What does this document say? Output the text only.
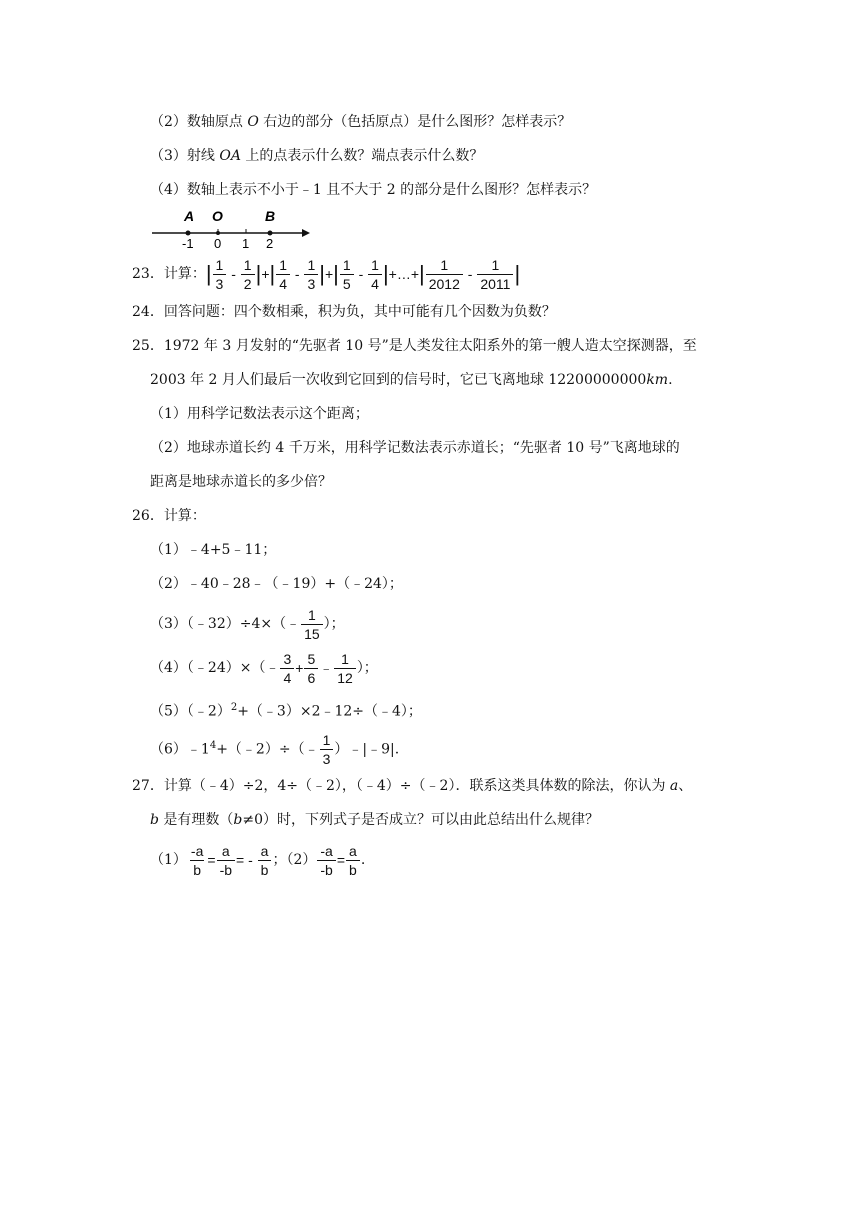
（2）数轴原点 O 右边的部分（色括原点）是什么图形？怎样表示？
（3）射线 OA 上的点表示什么数？端点表示什么数？
（4）数轴上表示不小于﹣1 且不大于 2 的部分是什么图形？怎样表示？
A O	B
-1 0 1 2
23．计算：| $\frac{1}{3} - \frac{1}{2}$ |+| $\frac{1}{4} - \frac{1}{3}$ |+| $\frac{1}{5} - \frac{1}{4}$ |+…+| $\frac{1}{2012} - \frac{1}{2011}$ |
24．回答问题：四个数相乘，积为负，其中可能有几个因数为负数？
25．1972 年 3 月发射的“先驱者 10 号”是人类发往太阳系外的第一艘人造太空探测器，至
2003 年 2 月人们最后一次收到它回到的信号时，它已飞离地球 12200000000km.
（1）用科学记数法表示这个距离；
（2）地球赤道长约 4 千万米，用科学记数法表示赤道长；“先驱者 10 号”飞离地球的
距离是地球赤道长的多少倍？
26．计算：
（1）﹣4+5﹣11；
（2）﹣40﹣28﹣（﹣19）+（﹣24）；
（3）（﹣32）÷4×（﹣ $\frac{1}{15}$ ）；
（4）（﹣24）×（﹣ $\frac{3}{4} + \frac{5}{6}$ ﹣ $\frac{1}{12}$ ）；
（5）（﹣2）$^2$+（﹣3）×2﹣12÷（﹣4）；
$(6)﹣1^4+(﹣2)\div(﹣ \frac{1}{3}$ ）﹣|﹣9|.
27．计算（﹣4）÷2，4÷（﹣2），（﹣4）÷（﹣2）．联系这类具体数的除法，你认为 a、
b 是有理数（b≠0）时，下列式子是否成立？可以由此总结出什么规律？
$(1) \frac{-a}{b} = \frac{a}{-b}$ = - $\frac{a}{b}$ ；$(2) \frac{-a}{-b} = \frac{a}{b}$ .
